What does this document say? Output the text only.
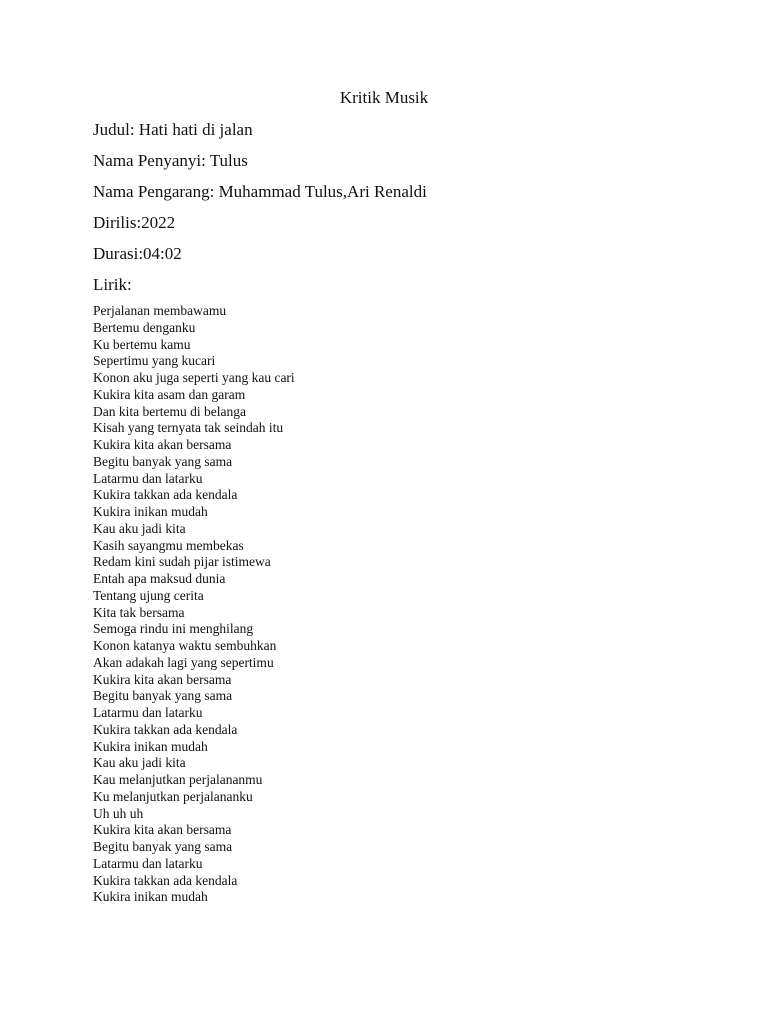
Kritik Musik
Judul: Hati hati di jalan
Nama Penyanyi: Tulus
Nama Pengarang: Muhammad Tulus,Ari Renaldi
Dirilis:2022
Durasi:04:02
Lirik:
Perjalanan membawamu
Bertemu denganku
Ku bertemu kamu
Sepertimu yang kucari
Konon aku juga seperti yang kau cari
Kukira kita asam dan garam
Dan kita bertemu di belanga
Kisah yang ternyata tak seindah itu
Kukira kita akan bersama
Begitu banyak yang sama
Latarmu dan latarku
Kukira takkan ada kendala
Kukira inikan mudah
Kau aku jadi kita
Kasih sayangmu membekas
Redam kini sudah pijar istimewa
Entah apa maksud dunia
Tentang ujung cerita
Kita tak bersama
Semoga rindu ini menghilang
Konon katanya waktu sembuhkan
Akan adakah lagi yang sepertimu
Kukira kita akan bersama
Begitu banyak yang sama
Latarmu dan latarku
Kukira takkan ada kendala
Kukira inikan mudah
Kau aku jadi kita
Kau melanjutkan perjalananmu
Ku melanjutkan perjalananku
Uh uh uh
Kukira kita akan bersama
Begitu banyak yang sama
Latarmu dan latarku
Kukira takkan ada kendala
Kukira inikan mudah
